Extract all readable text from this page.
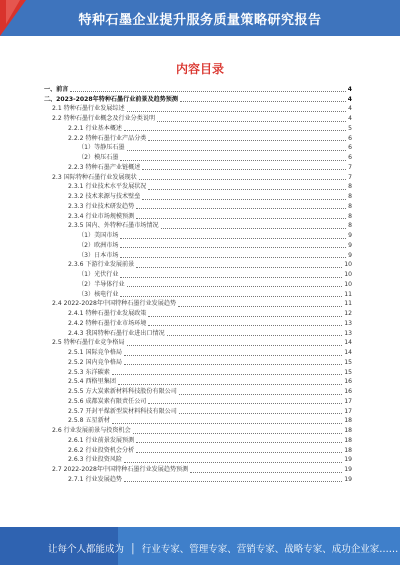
特种石墨企业提升服务质量策略研究报告
内容目录
一、前言	4
二、2023-2028年特种石墨行业前景及趋势预测	4
2.1 特种石墨行业发展综述	4
2.2 特种石墨行业概念及行业分类说明	4
2.2.1 行业基本概述	5
2.2.2 特种石墨行业产品分类	6
（1）等静压石墨	6
（2）模压石墨	6
2.2.3 特种石墨产业链概述	7
2.3 国际特种石墨行业发展现状	7
2.3.1 行业技术水平发展状况	8
2.3.2 技术来源与技术壁垒	8
2.3.3 行业技术研发趋势	8
2.3.4 行业市场规模预测	8
2.3.5 国内、外特种石墨市场情况	8
（1）美国市场	9
（2）欧洲市场	9
（3）日本市场	9
2.3.6 下游行业发展前景	10
（1）光伏行业	10
（2）半导体行业	10
（3）核电行业	11
2.4 2022-2028年中国特种石墨行业发展趋势	11
2.4.1 特种石墨行业发展政策	12
2.4.2 特种石墨行业市场环境	13
2.4.3 我国特种石墨行业进出口情况	13
2.5 特种石墨行业竞争格局	14
2.5.1 国际竞争格局	14
2.5.2 国内竞争格局	15
2.5.3 东洋碳素	15
2.5.4 西格里集团	16
2.5.5 方大炭素新材料科技股份有限公司	16
2.5.6 成都炭素有限责任公司	17
2.5.7 开封平煤新型炭材料科技有限公司	17
2.5.8 五星新材	18
2.6 行业发展前景与投资机会	18
2.6.1 行业前景发展预测	18
2.6.2 行业投资机会分析	18
2.6.3 行业投资风险	19
2.7 2022-2028年中国特种石墨行业发展趋势预测	19
2.7.1 行业发展趋势	19
让每个人都能成为 │ 行业专家、管理专家、营销专家、战略专家、成功企业家……
